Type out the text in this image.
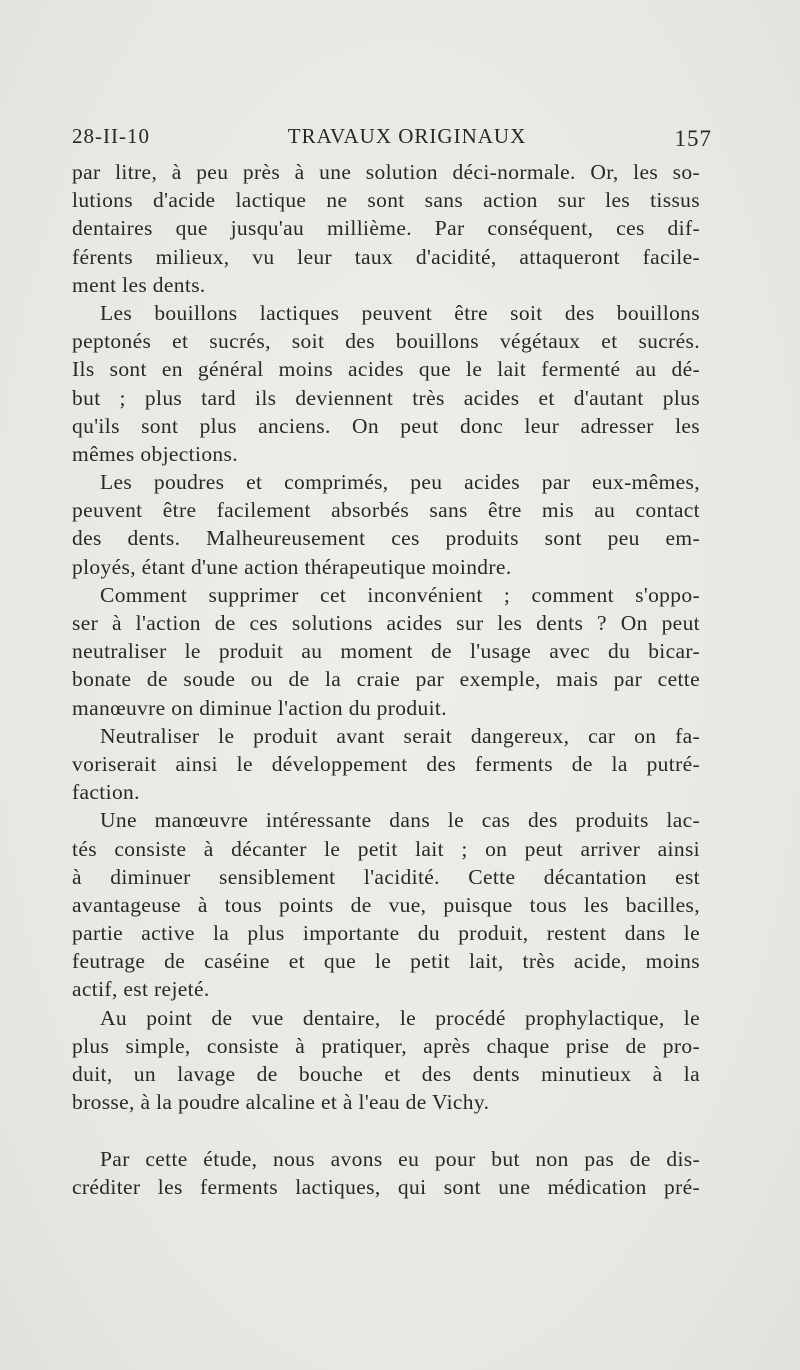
28-II-10	TRAVAUX ORIGINAUX	157
par litre, à peu près à une solution déci-normale. Or, les so-
lutions d'acide lactique ne sont sans action sur les tissus
dentaires que jusqu'au millième. Par conséquent, ces dif-
férents milieux, vu leur taux d'acidité, attaqueront facile-
ment les dents.
Les bouillons lactiques peuvent être soit des bouillons
peptonés et sucrés, soit des bouillons végétaux et sucrés.
Ils sont en général moins acides que le lait fermenté au dé-
but ; plus tard ils deviennent très acides et d'autant plus
qu'ils sont plus anciens. On peut donc leur adresser les
mêmes objections.
Les poudres et comprimés, peu acides par eux-mêmes,
peuvent être facilement absorbés sans être mis au contact
des dents. Malheureusement ces produits sont peu em-
ployés, étant d'une action thérapeutique moindre.
Comment supprimer cet inconvénient ; comment s'oppo-
ser à l'action de ces solutions acides sur les dents ? On peut
neutraliser le produit au moment de l'usage avec du bicar-
bonate de soude ou de la craie par exemple, mais par cette
manœuvre on diminue l'action du produit.
Neutraliser le produit avant serait dangereux, car on fa-
voriserait ainsi le développement des ferments de la putré-
faction.
Une manœuvre intéressante dans le cas des produits lac-
tés consiste à décanter le petit lait ; on peut arriver ainsi
à diminuer sensiblement l'acidité. Cette décantation est
avantageuse à tous points de vue, puisque tous les bacilles,
partie active la plus importante du produit, restent dans le
feutrage de caséine et que le petit lait, très acide, moins
actif, est rejeté.
Au point de vue dentaire, le procédé prophylactique, le
plus simple, consiste à pratiquer, après chaque prise de pro-
duit, un lavage de bouche et des dents minutieux à la
brosse, à la poudre alcaline et à l'eau de Vichy.
Par cette étude, nous avons eu pour but non pas de dis-
créditer les ferments lactiques, qui sont une médication pré-
